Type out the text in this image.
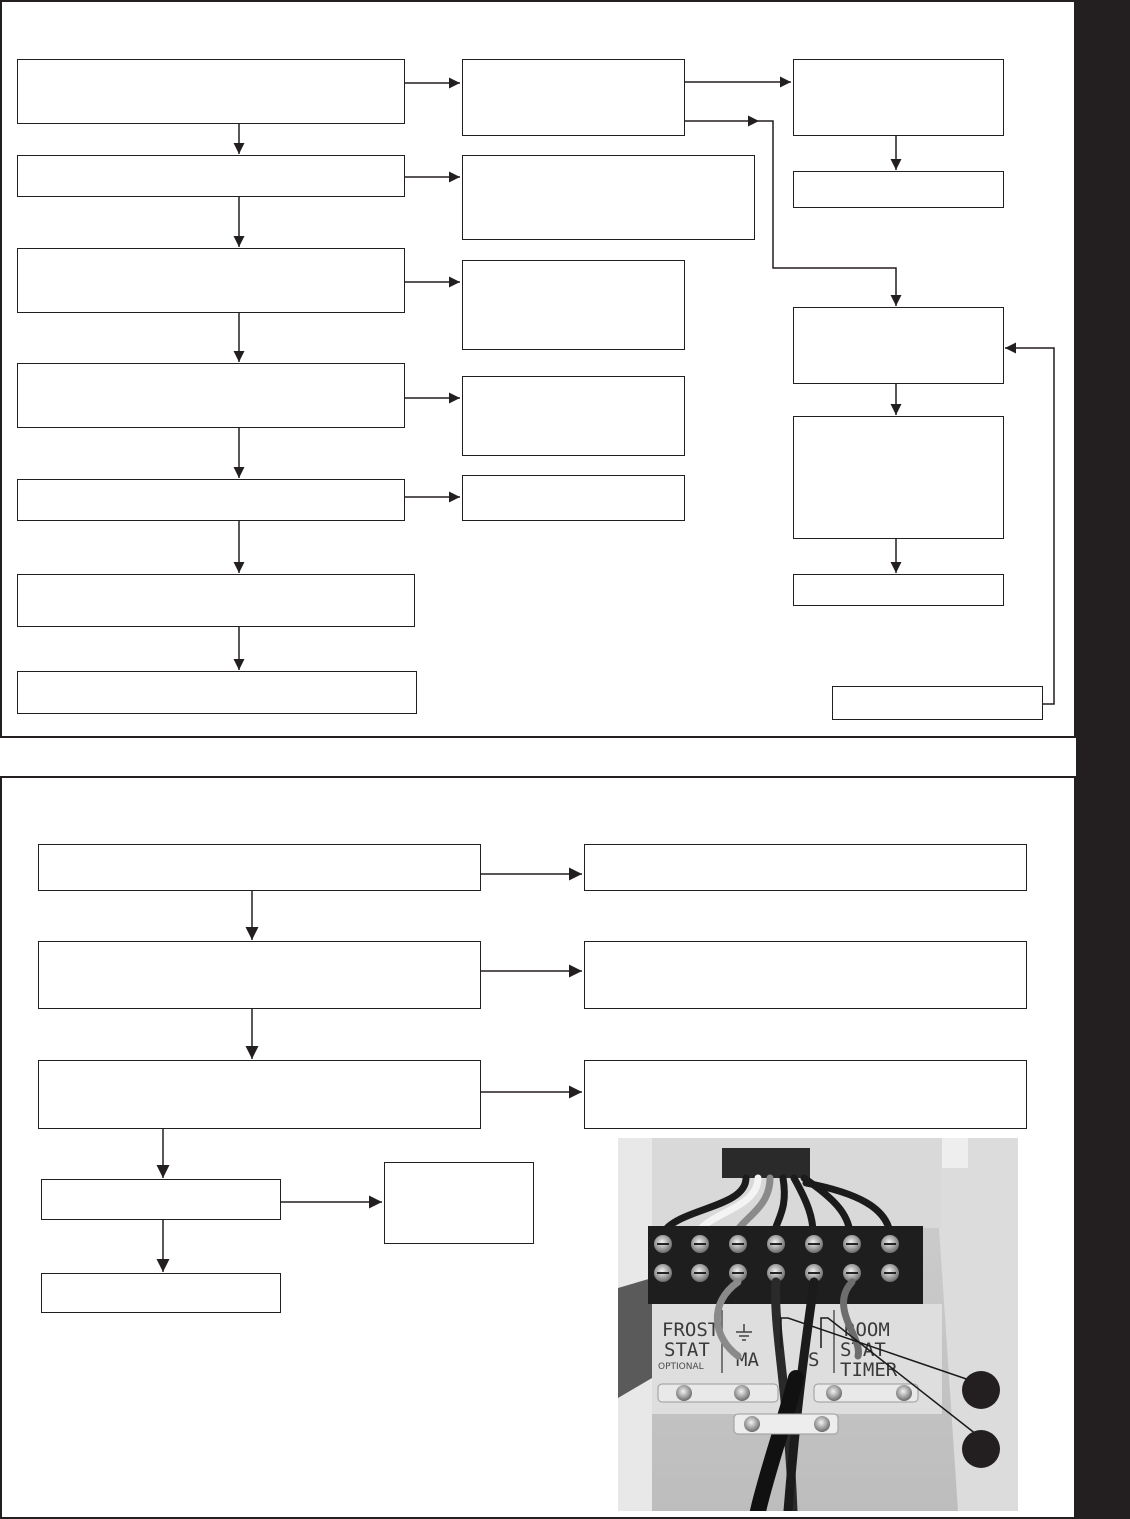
FROST
STAT
OPTIONAL MA	S
ROOM
STAT
TIMER
